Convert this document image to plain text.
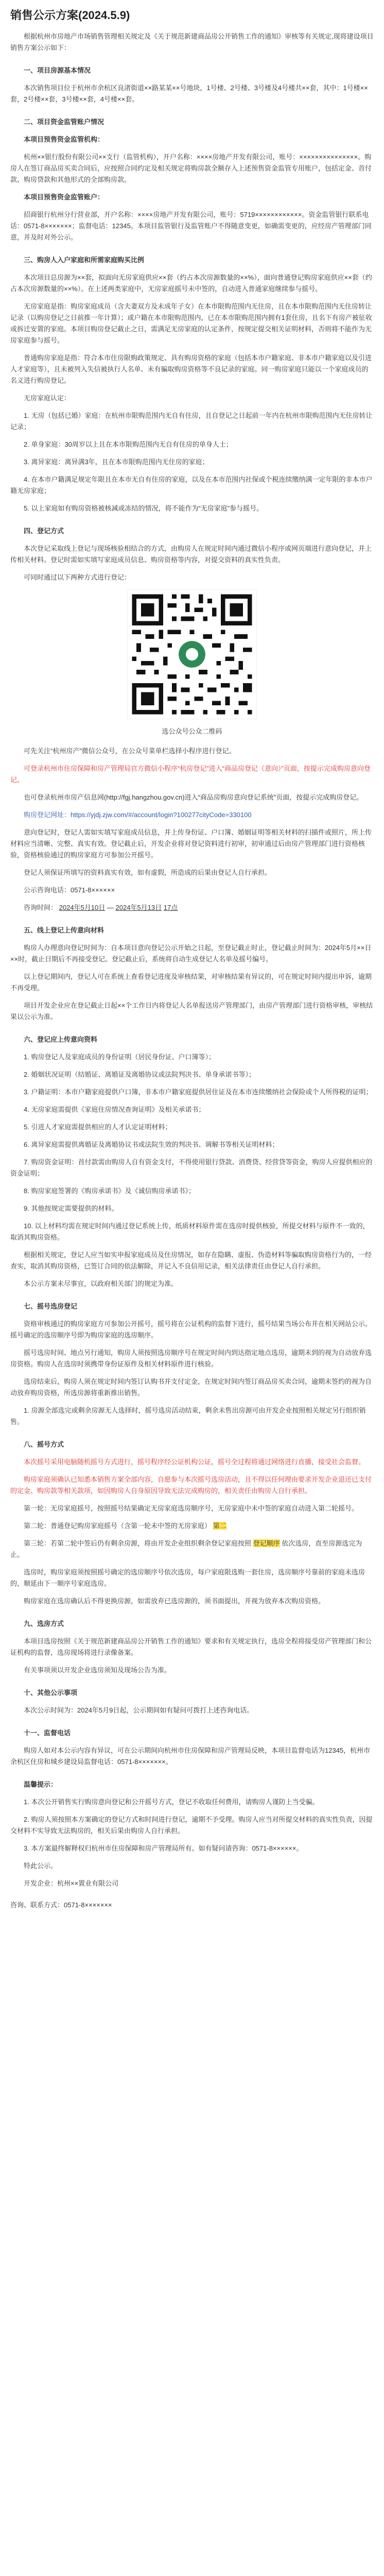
销售公示方案(2024.5.9)

根据杭州市房地产市场销售管理相关规定及《关于规范新建商品房公开销售工作的通知》审核等有关规定,现将建设项目销售方案公示如下：

一、项目房源基本情况

本次销售项目位于杭州市余杭区良渚街道××路某某××号地块，1号楼、2号楼、3号楼及4号楼共××套，其中：1号楼××套，2号楼××套，3号楼××套，4号楼××套。

二、项目资金监管账户情况

本项目预售资金监管机构：

杭州××银行股份有限公司××支行（监管机构），开户名称：××××房地产开发有限公司，账号：×××××××××××××××。购房人在签订商品房买卖合同后，应按照合同约定及相关规定将购房款全额存入上述预售资金监管专用账户，包括定金、首付款、购房贷款和其他形式的全部购房款。

本项目预售资金监管账户：

招商银行杭州分行营业部，开户名称：××××房地产开发有限公司，账号：5719××××××××××××。资金监管银行联系电话：0571-8×××××××；监督电话：12345。本项目监管银行及监管账户不得随意变更，如确需变更的，应经房产管理部门同意，并及时对外公示。

三、购房人入户家庭和所需家庭购买比例

本次项目总房源为××套，拟面向无房家庭供应××套（约占本次房源数量的××%），面向普通登记购房家庭供应××套（约占本次房源数量的××%）。在上述两类家庭中，无房家庭摇号未中签的，自动进入普通家庭继续参与摇号。

无房家庭是指：购房家庭成员（含夫妻双方及未成年子女）在本市限购范围内无住房，且在本市限购范围内无住房转让记录（以购房登记之日前推一年计算）；或户籍在本市限购范围内，已在本市限购范围内拥有1套住房，且名下有房产被征收或拆迁安置的家庭。本项目购房登记截止之日，需满足无房家庭的认定条件，按规定提交相关证明材料，否则将不能作为无房家庭参与摇号。

普通购房家庭是指：符合本市住房限购政策规定、具有购房资格的家庭（包括本市户籍家庭、非本市户籍家庭以及引进人才家庭等），且未被列入失信被执行人名单、未有骗取购房资格等不良记录的家庭。同一购房家庭只能以一个家庭成员的名义进行购房登记。

无房家庭认定：

1. 无房（包括已婚）家庭：在杭州市限购范围内无自有住房，且自登记之日起前一年内在杭州市限购范围内无住房转让记录；

2. 单身家庭：30周岁以上且在本市限购范围内无自有住房的单身人士；

3. 离异家庭：离异满3年，且在本市限购范围内无住房的家庭；

4. 在本市户籍满足规定年限且在本市无自有住房的家庭，以及在本市范围内社保或个税连续缴纳满一定年限的非本市户籍无房家庭；

5. 以上家庭如有购房资格被核减或冻结的情况，将不能作为“无房家庭”参与摇号。

四、登记方式

本次登记采取线上登记与现场核验相结合的方式，由购房人在规定时间内通过微信小程序或网页端进行意向登记，并上传相关材料。登记时需如实填写家庭成员信息、购房资格等内容，对提交资料的真实性负责。

可同时通过以下两种方式进行登记：

选公众号公众二维码

可先关注“杭州房产”微信公众号，在公众号菜单栏选择小程序进行登记。

可登录杭州市住房保障和房产管理局官方微信小程序“杭房登记”进入“商品房登记（意向）”页面，按提示完成购房意向登记。

也可登录杭州市房产信息网(http://fgj.hangzhou.gov.cn)进入“商品房购房意向登记系统”页面，按提示完成购房登记。

购房登记网址：https://yjdj.zjw.com/#/account/login?100277cityCode=330100

意向登记时，登记人需如实填写家庭成员信息，并上传身份证、户口簿、婚姻证明等相关材料的扫描件或照片，所上传材料应当清晰、完整、真实有效。登记截止后，开发企业将对登记资料进行初审，初审通过后由房产管理部门进行资格核验，资格核验通过的购房家庭方可参加公开摇号。

登记人须保证所填写的资料真实有效，如有虚假，所造成的后果由登记人自行承担。

公示咨询电话：0571-8××××××

咨询时间： 2024年5月10日 — 2024年5月13日 17点

五、线上登记上传意向材料

购房人办理意向登记时间为：自本项目意向登记公示开始之日起，至登记截止时止，登记截止时间为：2024年5月××日××时，截止日期后不再接受登记。登记截止后，系统将自动生成登记人名单及摇号编号。

以上登记期间内，登记人可在系统上查看登记进度及审核结果，对审核结果有异议的，可在规定时间内提出申诉，逾期不再受理。

项目开发企业应在登记截止日起××个工作日内将登记人名单报送房产管理部门，由房产管理部门进行资格审核，审核结果以公示为准。

六、登记应上传意向资料

1. 购房登记人及家庭成员的身份证明（居民身份证、户口簿等）；

2. 婚姻状况证明（结婚证、离婚证及离婚协议或法院判决书、单身承诺书等）；

3. 户籍证明：本市户籍家庭提供户口簿，非本市户籍家庭提供居住证及在本市连续缴纳社会保险或个人所得税的证明；

4. 无房家庭需提供《家庭住房情况查询证明》及相关承诺书；

5. 引进人才家庭需提供相应的人才认定证明材料；

6. 离异家庭需提供离婚证及离婚协议书或法院生效的判决书、调解书等相关证明材料；

7. 购房资金证明：首付款需由购房人自有资金支付，不得使用银行贷款、消费贷、经营贷等资金，购房人应提供相应的资金证明；

8. 购房家庭签署的《购房承诺书》及《诚信购房承诺书》；

9. 其他按规定需要提供的材料。

10. 以上材料均需在规定时间内通过登记系统上传，纸质材料原件需在选房时提供核验，所提交材料与原件不一致的，取消其购房资格。

根据相关规定，登记人应当如实申报家庭成员及住房情况，如存在隐瞒、虚报、伪造材料等骗取购房资格行为的，一经查实，取消其购房资格，已签订合同的依法解除，并记入不良信用记录，相关法律责任由登记人自行承担。

本公示方案未尽事宜，以政府相关部门的规定为准。

七、摇号选房登记

资格审核通过的购房家庭方可参加公开摇号，摇号将在公证机构的监督下进行，摇号结果当场公布并在相关网站公示。摇号确定的选房顺序号即为购房家庭的选房顺序。

摇号选房时间、地点另行通知，购房人须按照选房顺序号在规定时间内到达指定地点选房，逾期未到的视为自动放弃选房资格。购房人在选房时须携带身份证原件及相关材料原件进行核验。

选房结束后，购房人须在规定时间内签订认购书并支付定金，在规定时间内签订商品房买卖合同，逾期未签约的视为自动放弃购房资格，所选房源将重新推出销售。

1. 房源全部选完或剩余房源无人选择时，摇号选房活动结束，剩余未售出房源可由开发企业按照相关规定另行组织销售。

八、摇号方式

本次摇号采用电脑随机摇号方式进行，摇号程序经公证机构公证，摇号全过程将通过网络进行直播，接受社会监督。

购房家庭须确认已知悉本销售方案全部内容，自愿参与本次摇号选房活动，且不得以任何理由要求开发企业退还已支付的定金、购房款等相关款项，如因购房人自身原因导致无法完成购房的，相关责任由购房人自行承担。

第一轮：无房家庭摇号，按照摇号结果确定无房家庭选房顺序号，无房家庭中未中签的家庭自动进入第二轮摇号。

第二轮：普通登记购房家庭摇号（含第一轮未中签的无房家庭） 第二

第三轮：若第二轮中签后仍有剩余房源，将由开发企业组织剩余登记家庭按照 登记顺序 依次选房，直至房源选完为止。

选房时，购房家庭须按照摇号确定的选房顺序号依次选房，每户家庭限选购一套住房，选房顺序号靠前的家庭未选房的，顺延由下一顺序号家庭选房。

购房家庭在选房确认后不得更换房源，如需放弃已选房源的，须书面提出，并视为放弃本次购房资格。

九、选房方式

本项目选房按照《关于规范新建商品房公开销售工作的通知》要求和有关规定执行，选房全程将接受房产管理部门和公证机构的监督，选房现场将进行录像备案。

有关事项须以开发企业选房须知及现场公告为准。

十、其他公示事项

本次公示时间为：2024年5月9日起，公示期间如有疑问可拨打上述咨询电话。

十一、监督电话

购房人如对本公示内容有异议，可在公示期间向杭州市住房保障和房产管理局反映，本项目监督电话为12345，杭州市余杭区住房和城乡建设局监督电话：0571-8×××××××。

温馨提示：

1. 本次公开销售实行购房意向登记和公开摇号方式，登记不收取任何费用，请购房人谨防上当受骗。

2. 购房人须按照本方案确定的登记方式和时间进行登记，逾期不予受理。购房人应当对所提交材料的真实性负责，因提交材料不实导致无法购房的，相关后果由购房人自行承担。

3. 本方案最终解释权归杭州市住房保障和房产管理局所有。如有疑问请咨询：0571-8××××××。

特此公示。

开发企业：杭州××置业有限公司

咨询、联系方式：0571-8×××××××
